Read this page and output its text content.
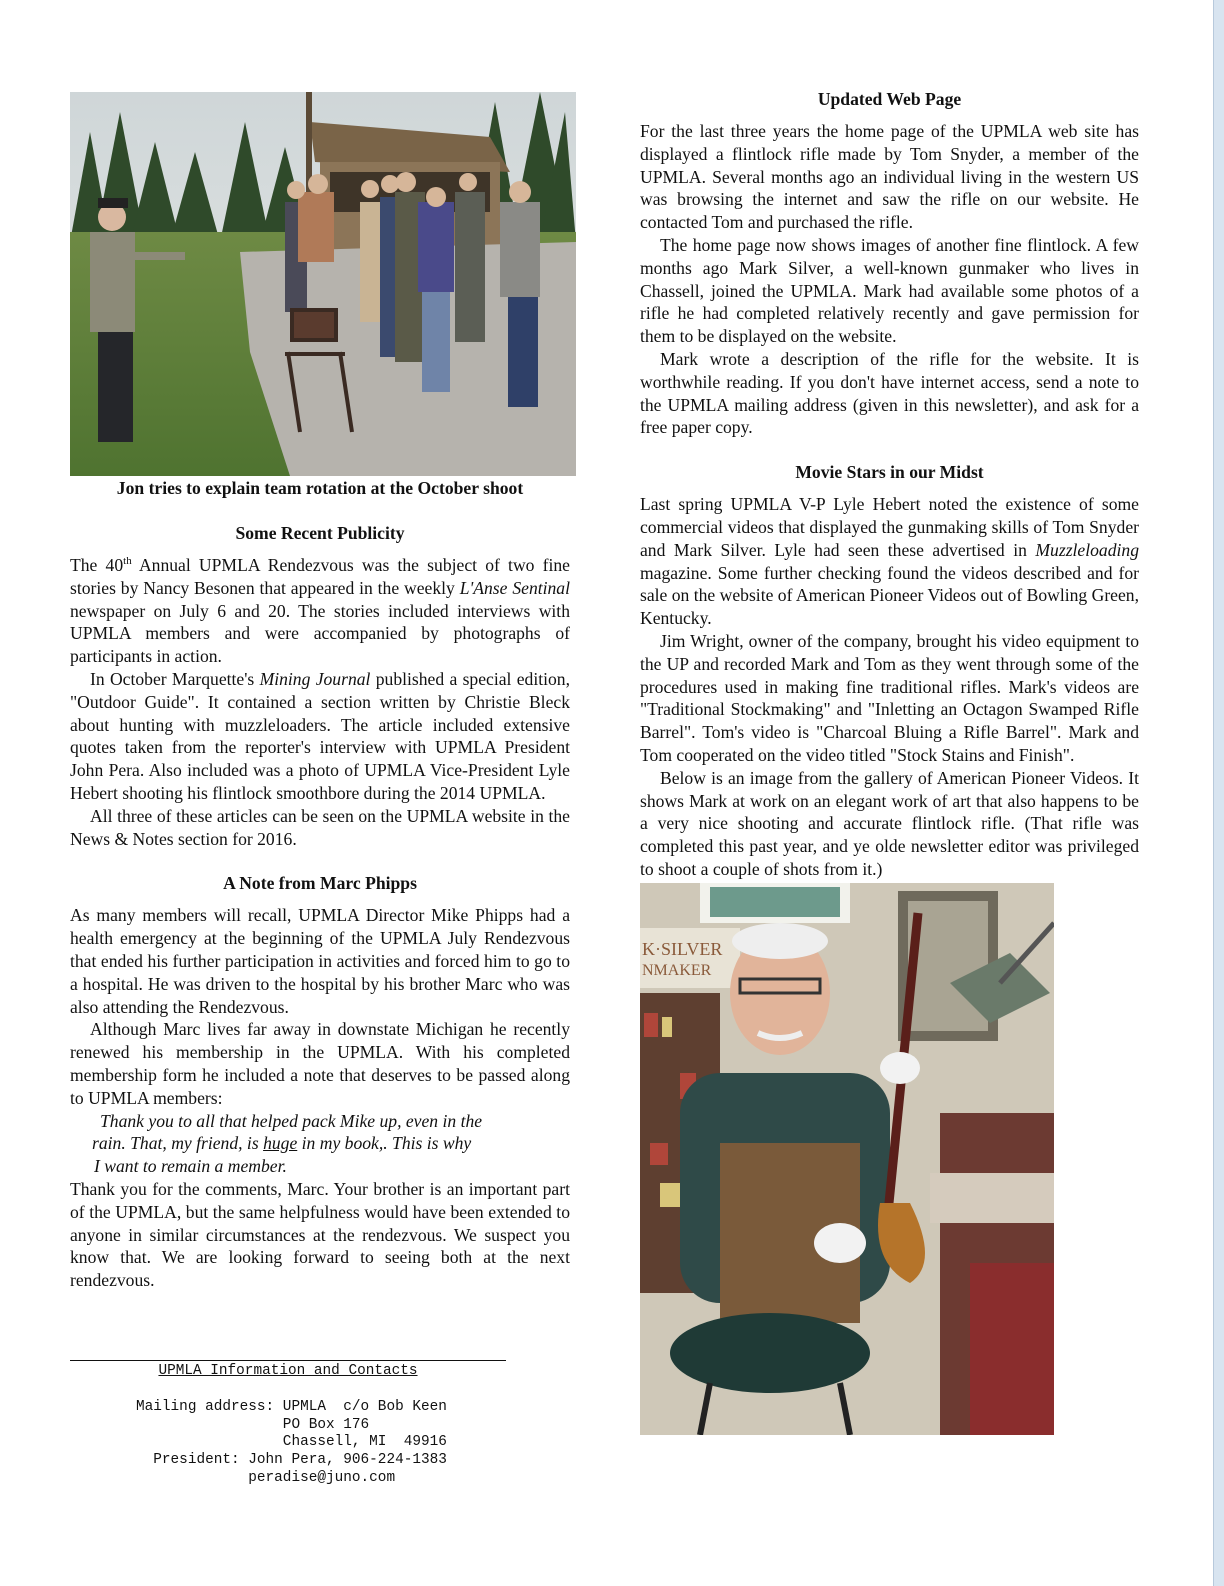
Jon tries to explain team rotation at the October shoot
Some Recent Publicity

The 40th Annual UPMLA Rendezvous was the subject of two fine stories by Nancy Besonen that appeared in the weekly L'Anse Sentinal newspaper on July 6 and 20. The stories included interviews with UPMLA members and were accompanied by photographs of participants in action.

In October Marquette's Mining Journal published a special edition, "Outdoor Guide". It contained a section written by Christie Bleck about hunting with muzzleloaders. The article included extensive quotes taken from the reporter's interview with UPMLA President John Pera. Also included was a photo of UPMLA Vice-President Lyle Hebert shooting his flintlock smoothbore during the 2014 UPMLA.

All three of these articles can be seen on the UPMLA website in the News & Notes section for 2016.

A Note from Marc Phipps

As many members will recall, UPMLA Director Mike Phipps had a health emergency at the beginning of the UPMLA July Rendezvous that ended his further participation in activities and forced him to go to a hospital. He was driven to the hospital by his brother Marc who was also attending the Rendezvous.

Although Marc lives far away in downstate Michigan he recently renewed his membership in the UPMLA. With his completed membership form he included a note that deserves to be passed along to UPMLA members:

Thank you to all that helped pack Mike up, even in the
rain. That, my friend, is huge in my book,. This is why
I want to remain a member.

Thank you for the comments, Marc. Your brother is an important part of the UPMLA, but the same helpfulness would have been extended to anyone in similar circumstances at the rendezvous. We suspect you know that. We are looking forward to seeing both at the next rendezvous.

UPMLA Information and Contacts
Mailing address: UPMLA  c/o Bob Keen
PO Box 176
Chassell, MI  49916
President: John Pera, 906-224-1383
peradise@juno.com
Updated Web Page

For the last three years the home page of the UPMLA web site has displayed a flintlock rifle made by Tom Snyder, a member of the UPMLA. Several months ago an individual living in the western US was browsing the internet and saw the rifle on our website. He contacted Tom and purchased the rifle.

The home page now shows images of another fine flintlock. A few months ago Mark Silver, a well-known gunmaker who lives in Chassell, joined the UPMLA. Mark had available some photos of a rifle he had completed relatively recently and gave permission for them to be displayed on the website.

Mark wrote a description of the rifle for the website. It is worthwhile reading. If you don't have internet access, send a note to the UPMLA mailing address (given in this newsletter), and ask for a free paper copy.

Movie Stars in our Midst

Last spring UPMLA V-P Lyle Hebert noted the existence of some commercial videos that displayed the gunmaking skills of Tom Snyder and Mark Silver. Lyle had seen these advertised in Muzzleloading magazine. Some further checking found the videos described and for sale on the website of American Pioneer Videos out of Bowling Green, Kentucky.

Jim Wright, owner of the company, brought his video equipment to the UP and recorded Mark and Tom as they went through some of the procedures used in making fine traditional rifles. Mark's videos are "Traditional Stockmaking" and "Inletting an Octagon Swamped Rifle Barrel". Tom's video is "Charcoal Bluing a Rifle Barrel". Mark and Tom cooperated on the video titled "Stock Stains and Finish".

Below is an image from the gallery of American Pioneer Videos. It shows Mark at work on an elegant work of art that also happens to be a very nice shooting and accurate flintlock rifle. (That rifle was completed this past year, and ye olde newsletter editor was privileged to shoot a couple of shots from it.)

K·SILVER
NMAKER
